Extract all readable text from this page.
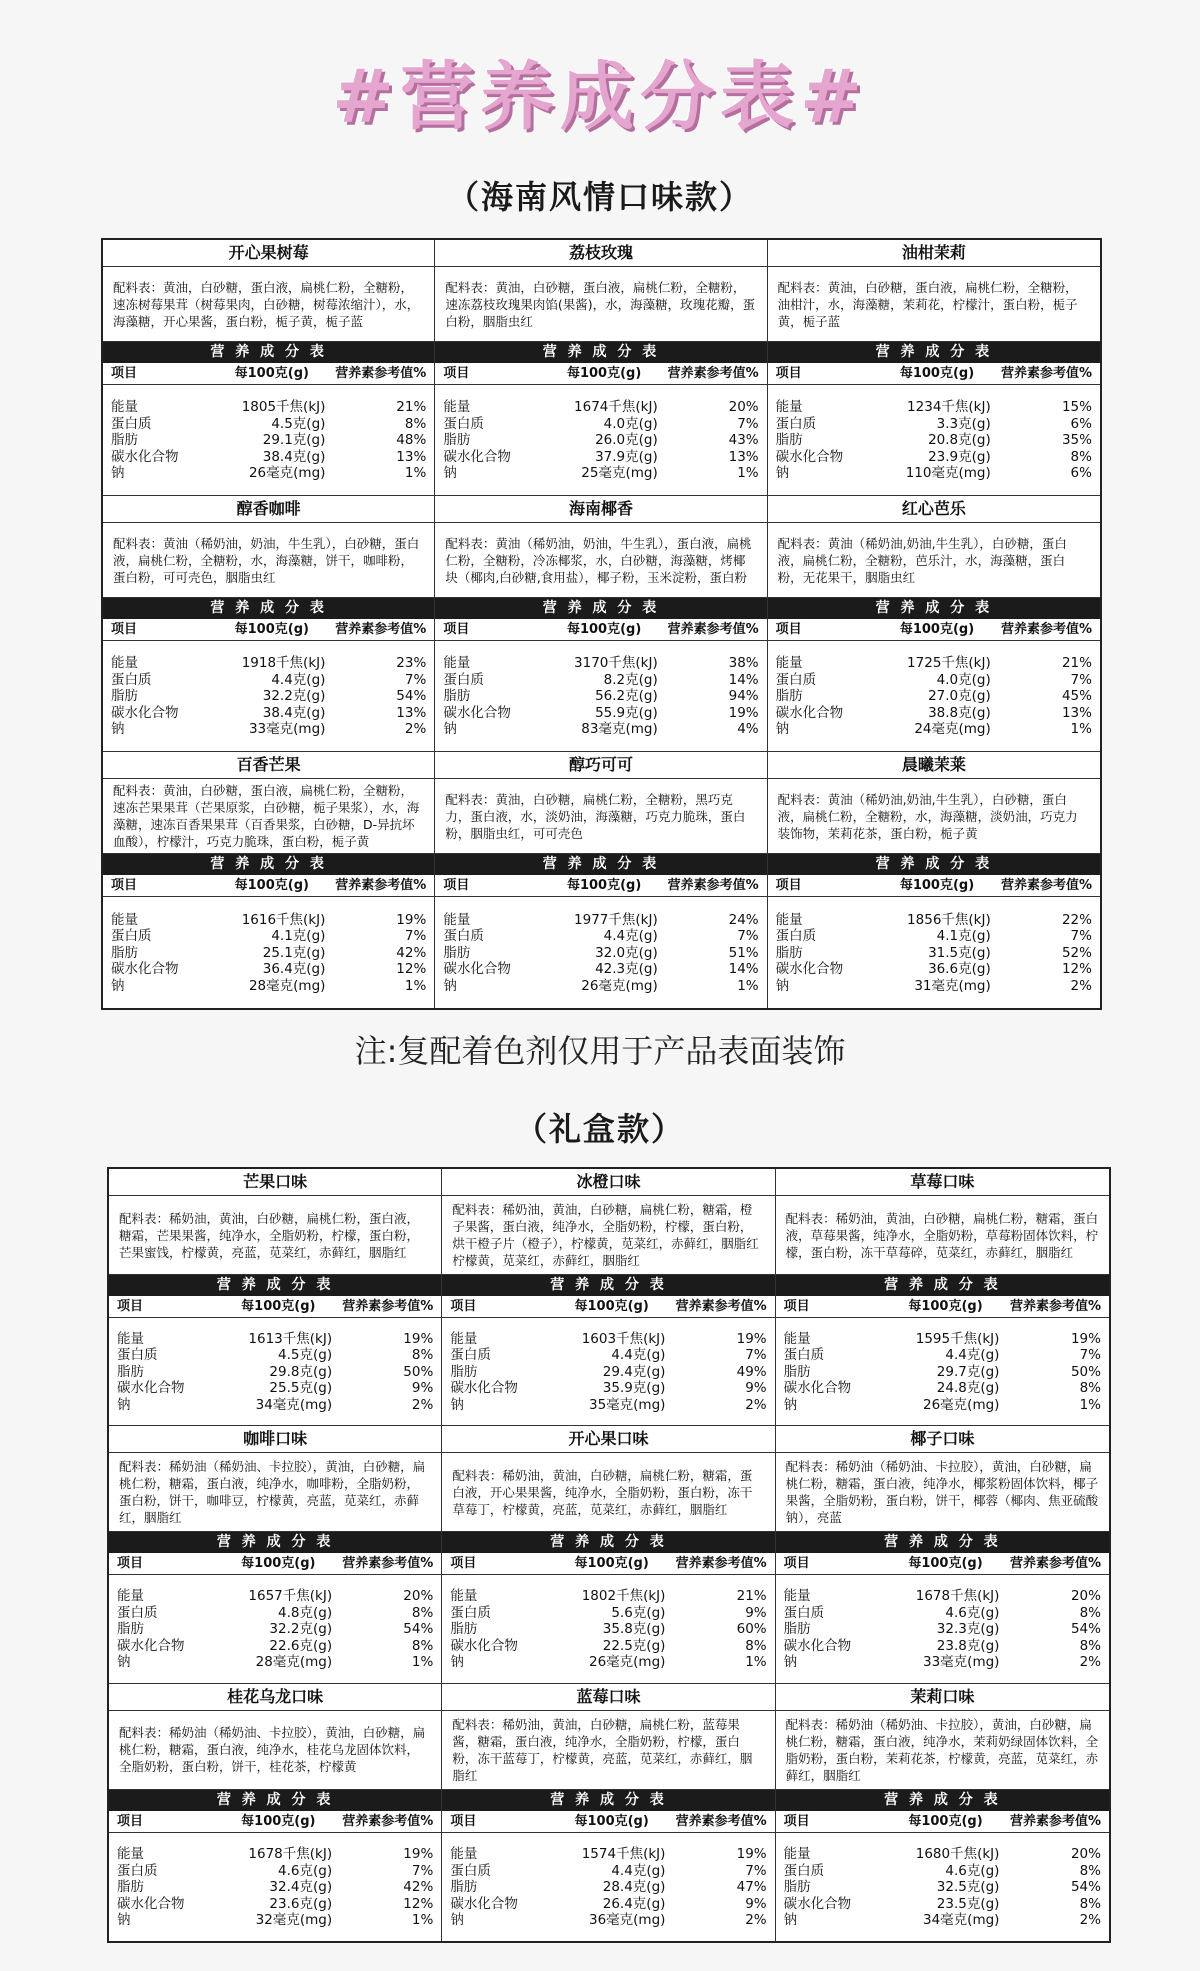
#营养成分表#
（海南风情口味款）
开心果树莓
配料表：黄油，白砂糖，蛋白液，扁桃仁粉，全糖粉，速冻树莓果茸（树莓果肉，白砂糖，树莓浓缩汁），水，海藻糖，开心果酱，蛋白粉，栀子黄，栀子蓝
营 养 成 分 表
项目	每100克(g)	营养素参考值%
能量	1805千焦(kJ)	21%
蛋白质	4.5克(g)	8%
脂肪	29.1克(g)	48%
碳水化合物	38.4克(g)	13%
钠	26毫克(mg)	1%
荔枝玫瑰
配料表：黄油，白砂糖，蛋白液，扁桃仁粉，全糖粉，速冻荔枝玫瑰果肉馅(果酱)，水，海藻糖，玫瑰花瓣，蛋白粉，胭脂虫红
营 养 成 分 表
项目	每100克(g)	营养素参考值%
能量	1674千焦(kJ)	20%
蛋白质	4.0克(g)	7%
脂肪	26.0克(g)	43%
碳水化合物	37.9克(g)	13%
钠	25毫克(mg)	1%
油柑茉莉
配料表：黄油，白砂糖，蛋白液，扁桃仁粉，全糖粉，油柑汁，水，海藻糖，茉莉花，柠檬汁，蛋白粉，栀子黄，栀子蓝
营 养 成 分 表
项目	每100克(g)	营养素参考值%
能量	1234千焦(kJ)	15%
蛋白质	3.3克(g)	6%
脂肪	20.8克(g)	35%
碳水化合物	23.9克(g)	8%
钠	110毫克(mg)	6%
醇香咖啡
配料表：黄油（稀奶油，奶油，牛生乳），白砂糖，蛋白液，扁桃仁粉，全糖粉，水，海藻糖，饼干，咖啡粉，蛋白粉，可可壳色，胭脂虫红
营 养 成 分 表
项目	每100克(g)	营养素参考值%
能量	1918千焦(kJ)	23%
蛋白质	4.4克(g)	7%
脂肪	32.2克(g)	54%
碳水化合物	38.4克(g)	13%
钠	33毫克(mg)	2%
海南椰香
配料表：黄油（稀奶油，奶油，牛生乳），蛋白液，扁桃仁粉，全糖粉，冷冻椰浆，水，白砂糖，海藻糖，烤椰块（椰肉,白砂糖,食用盐），椰子粉，玉米淀粉，蛋白粉
营 养 成 分 表
项目	每100克(g)	营养素参考值%
能量	3170千焦(kJ)	38%
蛋白质	8.2克(g)	14%
脂肪	56.2克(g)	94%
碳水化合物	55.9克(g)	19%
钠	83毫克(mg)	4%
红心芭乐
配料表：黄油（稀奶油,奶油,牛生乳），白砂糖，蛋白液，扁桃仁粉，全糖粉，芭乐汁，水，海藻糖，蛋白粉，无花果干，胭脂虫红
营 养 成 分 表
项目	每100克(g)	营养素参考值%
能量	1725千焦(kJ)	21%
蛋白质	4.0克(g)	7%
脂肪	27.0克(g)	45%
碳水化合物	38.8克(g)	13%
钠	24毫克(mg)	1%
百香芒果
配料表：黄油，白砂糖，蛋白液，扁桃仁粉，全糖粉，速冻芒果果茸（芒果原浆，白砂糖，栀子果浆），水，海藻糖，速冻百香果果茸（百香果浆，白砂糖，D-异抗坏血酸），柠檬汁，巧克力脆珠，蛋白粉，栀子黄
营 养 成 分 表
项目	每100克(g)	营养素参考值%
能量	1616千焦(kJ)	19%
蛋白质	4.1克(g)	7%
脂肪	25.1克(g)	42%
碳水化合物	36.4克(g)	12%
钠	28毫克(mg)	1%
醇巧可可
配料表：黄油，白砂糖，扁桃仁粉，全糖粉，黑巧克力，蛋白液，水，淡奶油，海藻糖，巧克力脆珠，蛋白粉，胭脂虫红，可可壳色
营 养 成 分 表
项目	每100克(g)	营养素参考值%
能量	1977千焦(kJ)	24%
蛋白质	4.4克(g)	7%
脂肪	32.0克(g)	51%
碳水化合物	42.3克(g)	14%
钠	26毫克(mg)	1%
晨曦茉莱
配料表：黄油（稀奶油,奶油,牛生乳），白砂糖，蛋白液，扁桃仁粉，全糖粉，水，海藻糖，淡奶油，巧克力装饰物，茉莉花茶，蛋白粉，栀子黄
营 养 成 分 表
项目	每100克(g)	营养素参考值%
能量	1856千焦(kJ)	22%
蛋白质	4.1克(g)	7%
脂肪	31.5克(g)	52%
碳水化合物	36.6克(g)	12%
钠	31毫克(mg)	2%
注:复配着色剂仅用于产品表面装饰
（礼盒款）
芒果口味
配料表：稀奶油，黄油，白砂糖，扁桃仁粉，蛋白液，糖霜，芒果果酱，纯净水，全脂奶粉，柠檬，蛋白粉，芒果蜜饯，柠檬黄，亮蓝，苋菜红，赤藓红，胭脂红
营 养 成 分 表
项目	每100克(g)	营养素参考值%
能量	1613千焦(kJ)	19%
蛋白质	4.5克(g)	8%
脂肪	29.8克(g)	50%
碳水化合物	25.5克(g)	9%
钠	34毫克(mg)	2%
冰橙口味
配料表：稀奶油，黄油，白砂糖，扁桃仁粉，糖霜，橙子果酱，蛋白液，纯净水，全脂奶粉，柠檬，蛋白粉，烘干橙子片（橙子），柠檬黄，苋菜红，赤藓红，胭脂红柠檬黄，苋菜红，赤藓红，胭脂红
营 养 成 分 表
项目	每100克(g)	营养素参考值%
能量	1603千焦(kJ)	19%
蛋白质	4.4克(g)	7%
脂肪	29.4克(g)	49%
碳水化合物	35.9克(g)	9%
钠	35毫克(mg)	2%
草莓口味
配料表：稀奶油，黄油，白砂糖，扁桃仁粉，糖霜，蛋白液，草莓果酱，纯净水，全脂奶粉，草莓粉固体饮料，柠檬，蛋白粉，冻干草莓碎，苋菜红，赤藓红，胭脂红
营 养 成 分 表
项目	每100克(g)	营养素参考值%
能量	1595千焦(kJ)	19%
蛋白质	4.4克(g)	7%
脂肪	29.7克(g)	50%
碳水化合物	24.8克(g)	8%
钠	26毫克(mg)	1%
咖啡口味
配料表：稀奶油（稀奶油、卡拉胶），黄油，白砂糖，扁桃仁粉，糖霜，蛋白液，纯净水，咖啡粉，全脂奶粉，蛋白粉，饼干，咖啡豆，柠檬黄，亮蓝，苋菜红，赤藓红，胭脂红
营 养 成 分 表
项目	每100克(g)	营养素参考值%
能量	1657千焦(kJ)	20%
蛋白质	4.8克(g)	8%
脂肪	32.2克(g)	54%
碳水化合物	22.6克(g)	8%
钠	28毫克(mg)	1%
开心果口味
配料表：稀奶油，黄油，白砂糖，扁桃仁粉，糖霜，蛋白液，开心果果酱，纯净水，全脂奶粉，蛋白粉，冻干草莓丁，柠檬黄，亮蓝，苋菜红，赤藓红，胭脂红
营 养 成 分 表
项目	每100克(g)	营养素参考值%
能量	1802千焦(kJ)	21%
蛋白质	5.6克(g)	9%
脂肪	35.8克(g)	60%
碳水化合物	22.5克(g)	8%
钠	26毫克(mg)	1%
椰子口味
配料表：稀奶油（稀奶油、卡拉胶），黄油，白砂糖，扁桃仁粉，糖霜，蛋白液，纯净水，椰浆粉固体饮料，椰子果酱，全脂奶粉，蛋白粉，饼干，椰蓉（椰肉、焦亚硫酸钠），亮蓝
营 养 成 分 表
项目	每100克(g)	营养素参考值%
能量	1678千焦(kJ)	20%
蛋白质	4.6克(g)	8%
脂肪	32.3克(g)	54%
碳水化合物	23.8克(g)	8%
钠	33毫克(mg)	2%
桂花乌龙口味
配料表：稀奶油（稀奶油、卡拉胶），黄油，白砂糖，扁桃仁粉，糖霜，蛋白液，纯净水，桂花乌龙固体饮料，全脂奶粉，蛋白粉，饼干，桂花茶，柠檬黄
营 养 成 分 表
项目	每100克(g)	营养素参考值%
能量	1678千焦(kJ)	19%
蛋白质	4.6克(g)	7%
脂肪	32.4克(g)	42%
碳水化合物	23.6克(g)	12%
钠	32毫克(mg)	1%
蓝莓口味
配料表：稀奶油，黄油，白砂糖，扁桃仁粉，蓝莓果酱，糖霜，蛋白液，纯净水，全脂奶粉，柠檬，蛋白粉，冻干蓝莓丁，柠檬黄，亮蓝，苋菜红，赤藓红，胭脂红
营 养 成 分 表
项目	每100克(g)	营养素参考值%
能量	1574千焦(kJ)	19%
蛋白质	4.4克(g)	7%
脂肪	28.4克(g)	47%
碳水化合物	26.4克(g)	9%
钠	36毫克(mg)	2%
茉莉口味
配料表：稀奶油（稀奶油、卡拉胶），黄油，白砂糖，扁桃仁粉，糖霜，蛋白液，纯净水，茉莉奶绿固体饮料，全脂奶粉，蛋白粉，茉莉花茶，柠檬黄，亮蓝，苋菜红，赤藓红，胭脂红
营 养 成 分 表
项目	每100克(g)	营养素参考值%
能量	1680千焦(kJ)	20%
蛋白质	4.6克(g)	8%
脂肪	32.5克(g)	54%
碳水化合物	23.5克(g)	8%
钠	34毫克(mg)	2%
